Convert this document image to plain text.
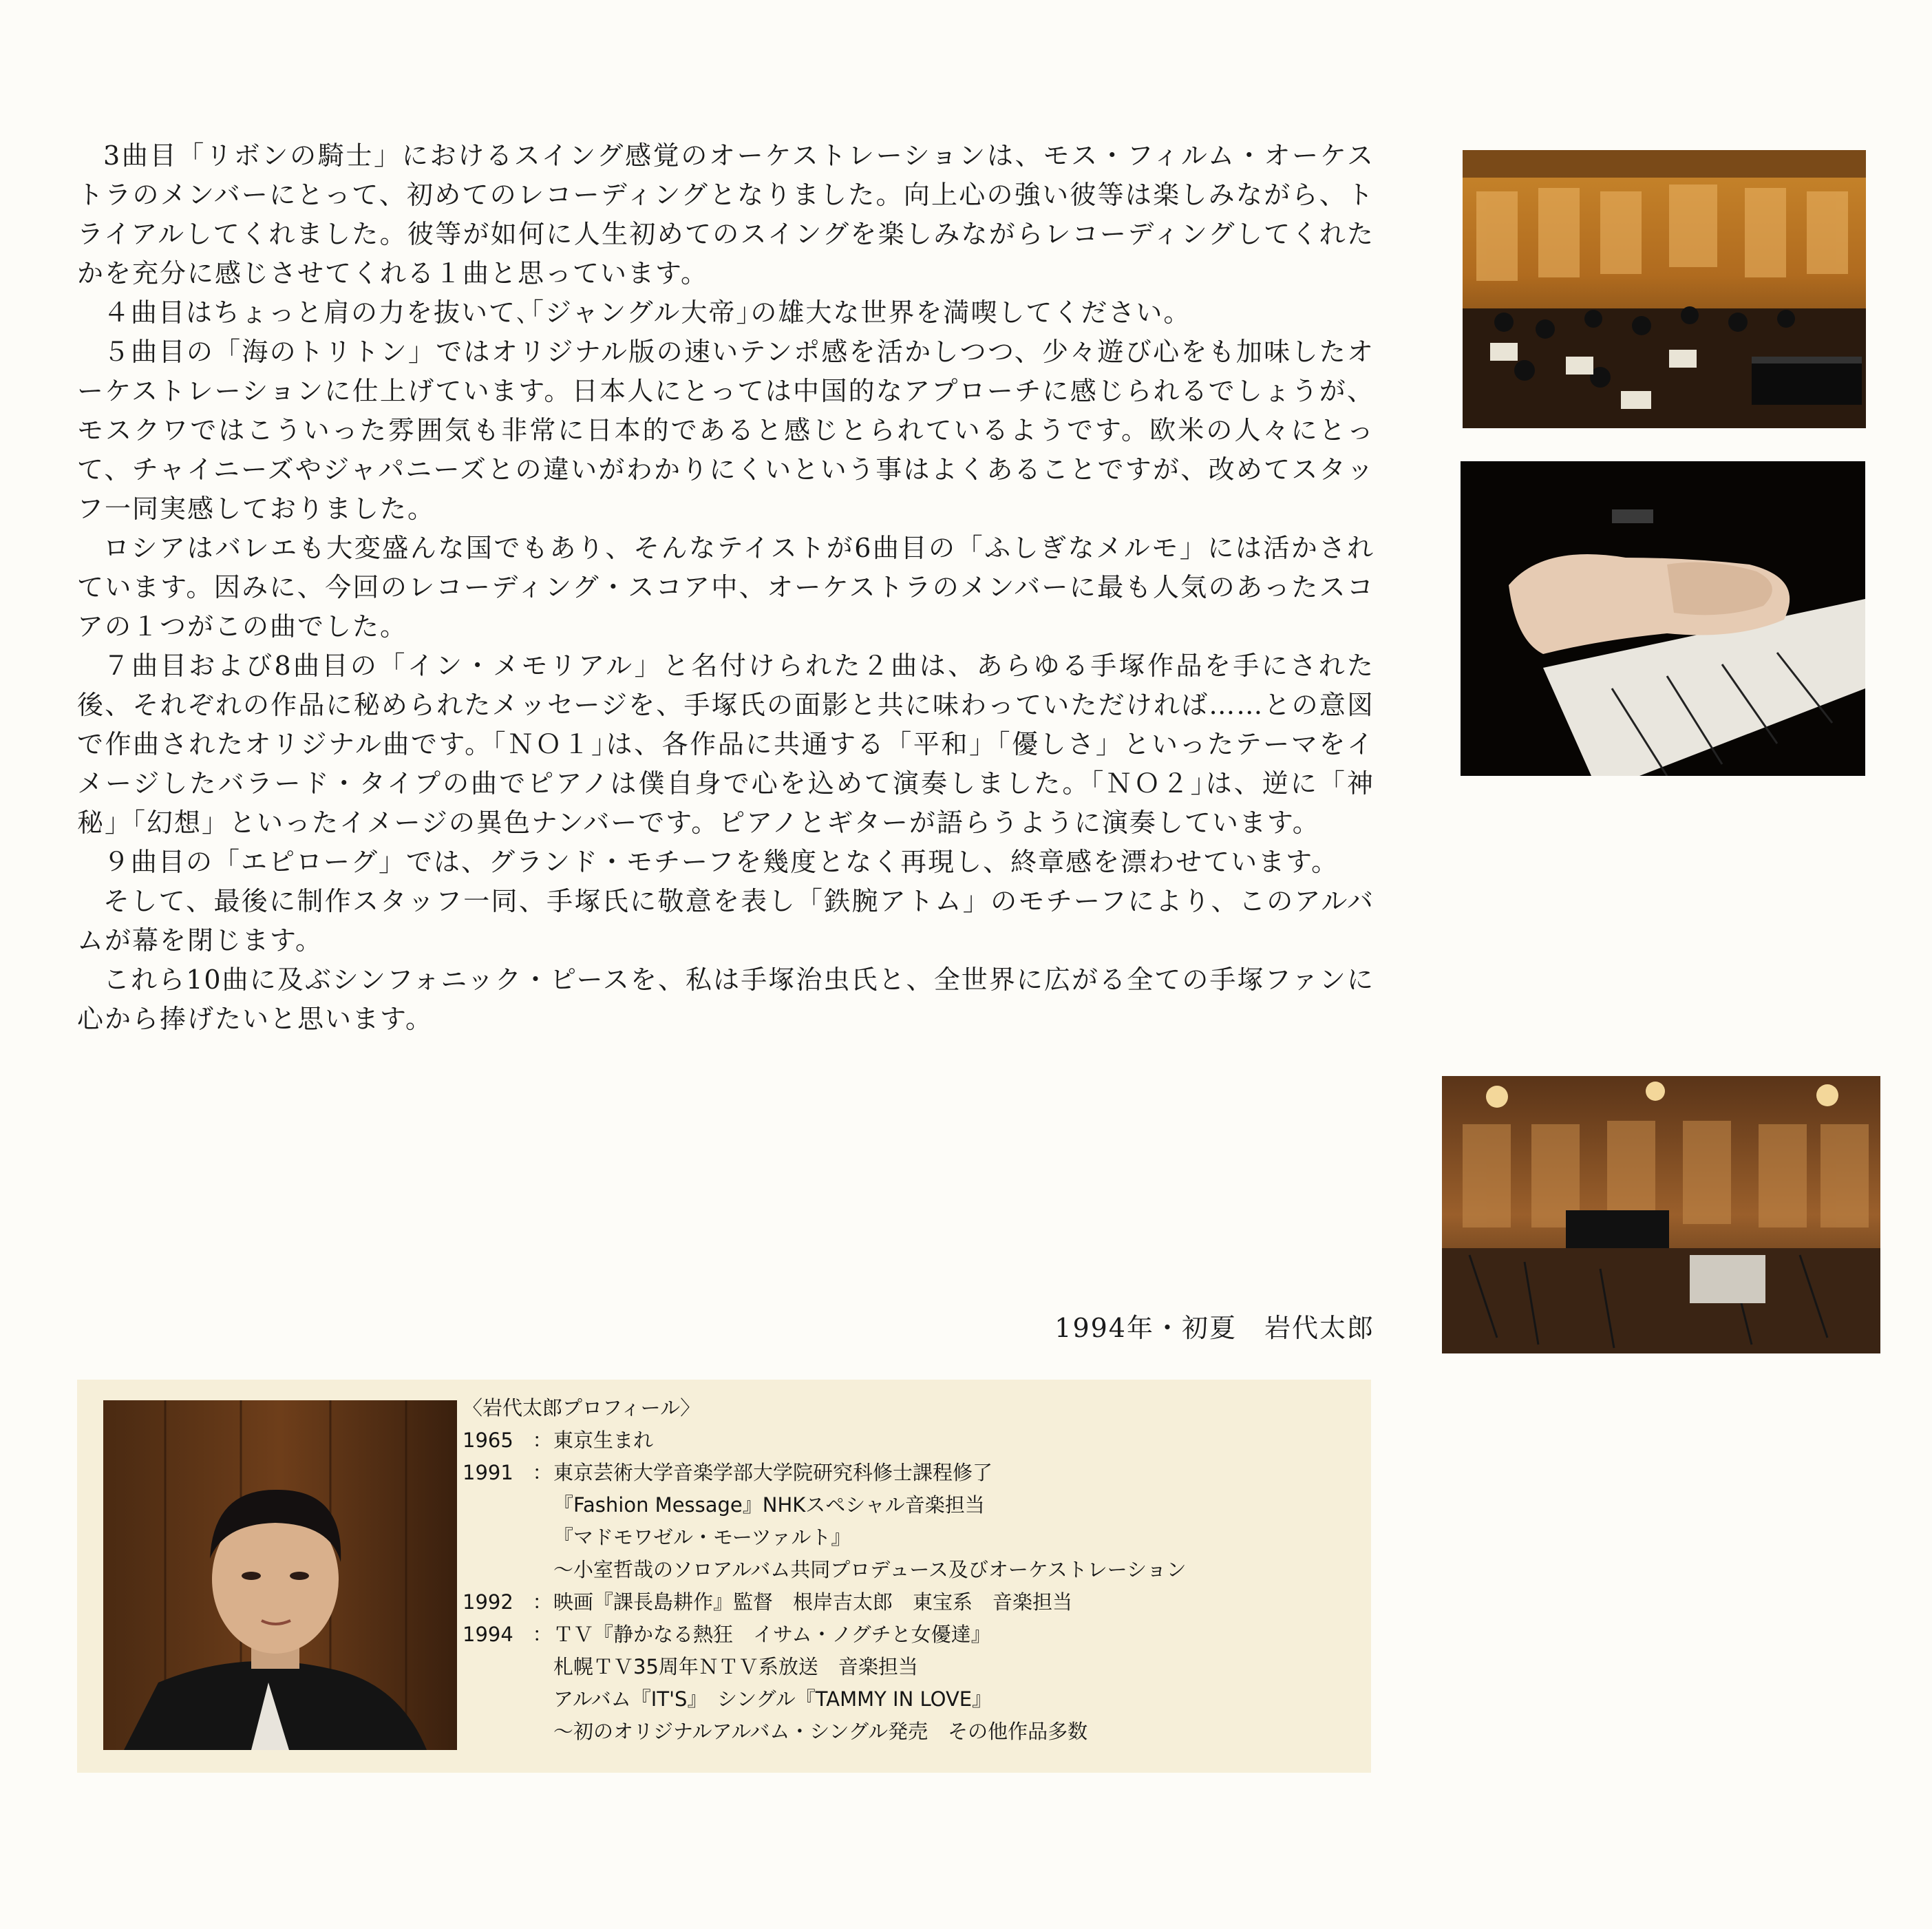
3曲目「リボンの騎士」におけるスイング感覚のオーケストレーションは、モス・フィルム・オーケストラのメンバーにとって、初めてのレコーディングとなりました。向上心の強い彼等は楽しみながら、トライアルしてくれました。彼等が如何に人生初めてのスイングを楽しみながらレコーディングしてくれたかを充分に感じさせてくれる１曲と思っています。

４曲目はちょっと肩の力を抜いて､｢ジャングル大帝｣の雄大な世界を満喫してください。

５曲目の「海のトリトン」ではオリジナル版の速いテンポ感を活かしつつ、少々遊び心をも加味したオーケストレーションに仕上げています。日本人にとっては中国的なアプローチに感じられるでしょうが、モスクワではこういった雰囲気も非常に日本的であると感じとられているようです。欧米の人々にとって、チャイニーズやジャパニーズとの違いがわかりにくいという事はよくあることですが、改めてスタッフ一同実感しておりました。

ロシアはバレエも大変盛んな国でもあり、そんなテイストが6曲目の「ふしぎなメルモ」には活かされています。因みに、今回のレコーディング・スコア中、オーケストラのメンバーに最も人気のあったスコアの１つがこの曲でした。

７曲目および8曲目の「イン・メモリアル」と名付けられた２曲は、あらゆる手塚作品を手にされた後、それぞれの作品に秘められたメッセージを、手塚氏の面影と共に味わっていただければ……との意図で作曲されたオリジナル曲です。｢ＮＯ１｣は、各作品に共通する「平和」「優しさ」といったテーマをイメージしたバラード・タイプの曲でピアノは僕自身で心を込めて演奏しました。｢ＮＯ２｣は、逆に「神秘」「幻想」といったイメージの異色ナンバーです。ピアノとギターが語らうように演奏しています。

９曲目の「エピローグ」では、グランド・モチーフを幾度となく再現し、終章感を漂わせています。

そして、最後に制作スタッフ一同、手塚氏に敬意を表し「鉄腕アトム」のモチーフにより、このアルバムが幕を閉じます。

これら10曲に及ぶシンフォニック・ピースを、私は手塚治虫氏と、全世界に広がる全ての手塚ファンに心から捧げたいと思います。

1994年・初夏　岩代太郎
〈岩代太郎プロフィール〉
1965 ： 東京生まれ
1991 ： 東京芸術大学音楽学部大学院研究科修士課程修了
『Fashion Message』NHKスペシャル音楽担当
『マドモワゼル・モーツァルト』
〜小室哲哉のソロアルバム共同プロデュース及びオーケストレーション
1992 ： 映画『課長島耕作』監督　根岸吉太郎　東宝系　音楽担当
1994 ： ＴＶ『静かなる熱狂　イサム・ノグチと女優達』
札幌ＴＶ35周年ＮＴＶ系放送　音楽担当
アルバム『IT'S』　シングル『TAMMY IN LOVE』
〜初のオリジナルアルバム・シングル発売　その他作品多数
